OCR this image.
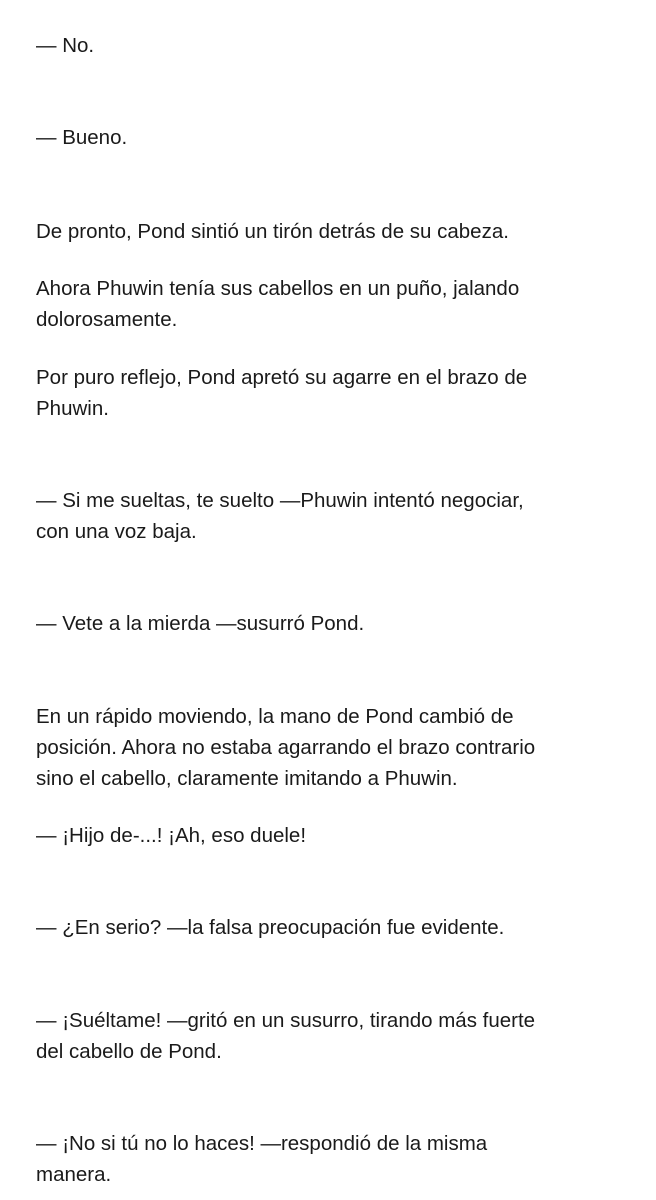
— No.

— Bueno.

De pronto, Pond sintió un tirón detrás de su cabeza.

Ahora Phuwin tenía sus cabellos en un puño, jalando
dolorosamente.

Por puro reflejo, Pond apretó su agarre en el brazo de
Phuwin.

— Si me sueltas, te suelto —Phuwin intentó negociar,
con una voz baja.

— Vete a la mierda —susurró Pond.

En un rápido moviendo, la mano de Pond cambió de
posición. Ahora no estaba agarrando el brazo contrario
sino el cabello, claramente imitando a Phuwin.

— ¡Hijo de-...! ¡Ah, eso duele!

— ¿En serio? —la falsa preocupación fue evidente.

— ¡Suéltame! —gritó en un susurro, tirando más fuerte
del cabello de Pond.

— ¡No si tú no lo haces! —respondió de la misma
manera.
